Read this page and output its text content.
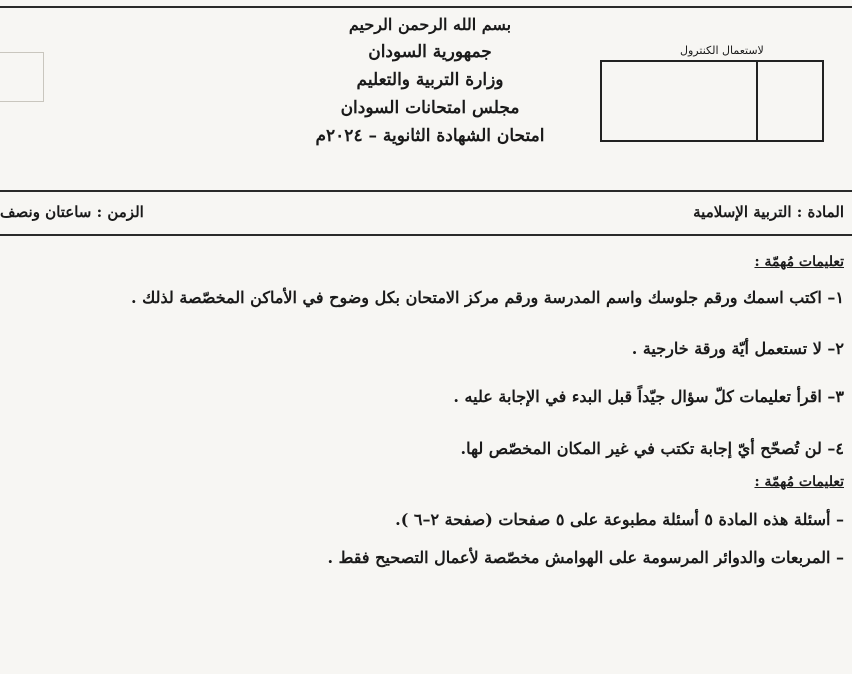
بسم الله الرحمن الرحيم
جمهورية السودان
وزارة التربية والتعليم
مجلس امتحانات السودان
امتحان الشهادة الثانوية – ٢٠٢٤م
لاستعمال الكنترول
المادة : التربية الإسلامية
الزمن : ساعتان ونصف
تعليمات مُهمّة :
١– اكتب اسمك ورقم جلوسك واسم المدرسة ورقم مركز الامتحان بكل وضوح في الأماكن المخصّصة لذلك .
٢– لا تستعمل أيّة ورقة خارجية .
٣– اقرأ تعليمات كلّ سؤال جيّداً قبل البدء في الإجابة عليه .
٤– لن تُصحّح أيّ إجابة تكتب في غير المكان المخصّص لها.
تعليمات مُهمّة :
– أسئلة هذه المادة ٥ أسئلة مطبوعة على ٥ صفحات (صفحة ٢–٦ ).
– المربعات والدوائر المرسومة على الهوامش مخصّصة لأعمال التصحيح فقط .
